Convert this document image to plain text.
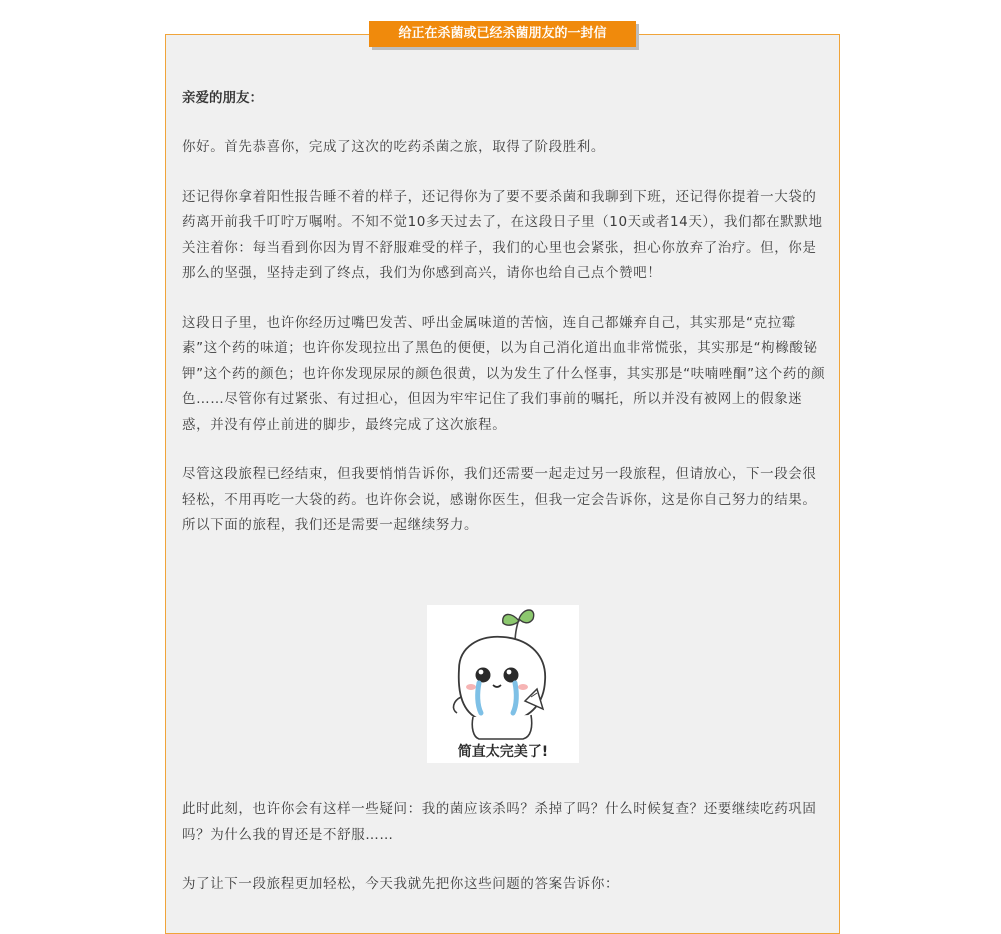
给正在杀菌或已经杀菌朋友的一封信

亲爱的朋友：

你好。首先恭喜你，完成了这次的吃药杀菌之旅，取得了阶段胜利。

还记得你拿着阳性报告睡不着的样子，还记得你为了要不要杀菌和我聊到下班，还记得你提着一大袋的药离开前我千叮咛万嘱咐。不知不觉10多天过去了，在这段日子里（10天或者14天），我们都在默默地关注着你：每当看到你因为胃不舒服难受的样子，我们的心里也会紧张，担心你放弃了治疗。但，你是那么的坚强，坚持走到了终点，我们为你感到高兴，请你也给自己点个赞吧！

这段日子里，也许你经历过嘴巴发苦、呼出金属味道的苦恼，连自己都嫌弃自己，其实那是“克拉霉素”这个药的味道；也许你发现拉出了黑色的便便，以为自己消化道出血非常慌张，其实那是“枸橼酸铋钾”这个药的颜色；也许你发现尿尿的颜色很黄，以为发生了什么怪事，其实那是“呋喃唑酮”这个药的颜色……尽管你有过紧张、有过担心，但因为牢牢记住了我们事前的嘱托，所以并没有被网上的假象迷惑，并没有停止前进的脚步，最终完成了这次旅程。

尽管这段旅程已经结束，但我要悄悄告诉你，我们还需要一起走过另一段旅程，但请放心，下一段会很轻松，不用再吃一大袋的药。也许你会说，感谢你医生，但我一定会告诉你，这是你自己努力的结果。所以下面的旅程，我们还是需要一起继续努力。

简直太完美了!

此时此刻，也许你会有这样一些疑问：我的菌应该杀吗？杀掉了吗？什么时候复查？还要继续吃药巩固吗？为什么我的胃还是不舒服……

为了让下一段旅程更加轻松，今天我就先把你这些问题的答案告诉你：
